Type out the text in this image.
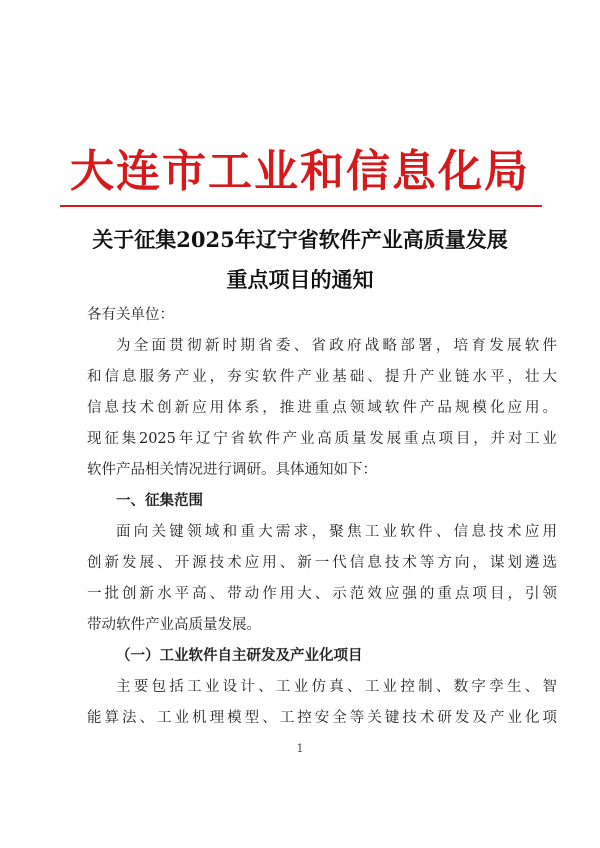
大连市工业和信息化局
关于征集2025年辽宁省软件产业高质量发展
重点项目的通知
各有关单位：
为全面贯彻新时期省委、省政府战略部署，培育发展软件
和信息服务产业，夯实软件产业基础、提升产业链水平，壮大
信息技术创新应用体系，推进重点领域软件产品规模化应用。
现征集2025年辽宁省软件产业高质量发展重点项目，并对工业
软件产品相关情况进行调研。具体通知如下：
一、征集范围
面向关键领域和重大需求，聚焦工业软件、信息技术应用
创新发展、开源技术应用、新一代信息技术等方向，谋划遴选
一批创新水平高、带动作用大、示范效应强的重点项目，引领
带动软件产业高质量发展。
（一）工业软件自主研发及产业化项目
主要包括工业设计、工业仿真、工业控制、数字孪生、智
能算法、工业机理模型、工控安全等关键技术研发及产业化项
1
